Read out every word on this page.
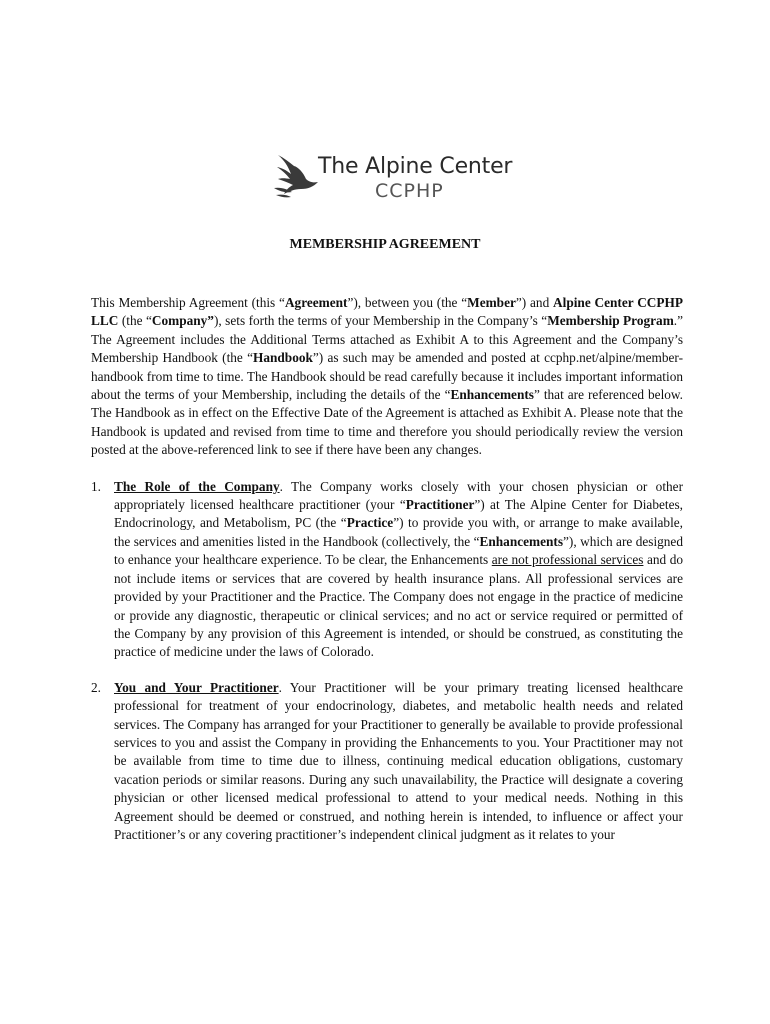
The Alpine Center
CCPHP
MEMBERSHIP AGREEMENT

This Membership Agreement (this “Agreement”), between you (the “Member”) and Alpine Center CCPHP LLC (the “Company”), sets forth the terms of your Membership in the Company’s “Membership Program.” The Agreement includes the Additional Terms attached as Exhibit A to this Agreement and the Company’s Membership Handbook (the “Handbook”) as such may be amended and posted at ccphp.net/alpine/member-handbook from time to time. The Handbook should be read carefully because it includes important information about the terms of your Membership, including the details of the “Enhancements” that are referenced below. The Handbook as in effect on the Effective Date of the Agreement is attached as Exhibit A. Please note that the Handbook is updated and revised from time to time and therefore you should periodically review the version posted at the above-referenced link to see if there have been any changes.

1. The Role of the Company. The Company works closely with your chosen physician or other appropriately licensed healthcare practitioner (your “Practitioner”) at The Alpine Center for Diabetes, Endocrinology, and Metabolism, PC (the “Practice”) to provide you with, or arrange to make available, the services and amenities listed in the Handbook (collectively, the “Enhancements”), which are designed to enhance your healthcare experience. To be clear, the Enhancements are not professional services and do not include items or services that are covered by health insurance plans. All professional services are provided by your Practitioner and the Practice. The Company does not engage in the practice of medicine or provide any diagnostic, therapeutic or clinical services; and no act or service required or permitted of the Company by any provision of this Agreement is intended, or should be construed, as constituting the practice of medicine under the laws of Colorado.
2. You and Your Practitioner. Your Practitioner will be your primary treating licensed healthcare professional for treatment of your endocrinology, diabetes, and metabolic health needs and related services. The Company has arranged for your Practitioner to generally be available to provide professional services to you and assist the Company in providing the Enhancements to you. Your Practitioner may not be available from time to time due to illness, continuing medical education obligations, customary vacation periods or similar reasons. During any such unavailability, the Practice will designate a covering physician or other licensed medical professional to attend to your medical needs. Nothing in this Agreement should be deemed or construed, and nothing herein is intended, to influence or affect your Practitioner’s or any covering practitioner’s independent clinical judgment as it relates to your
